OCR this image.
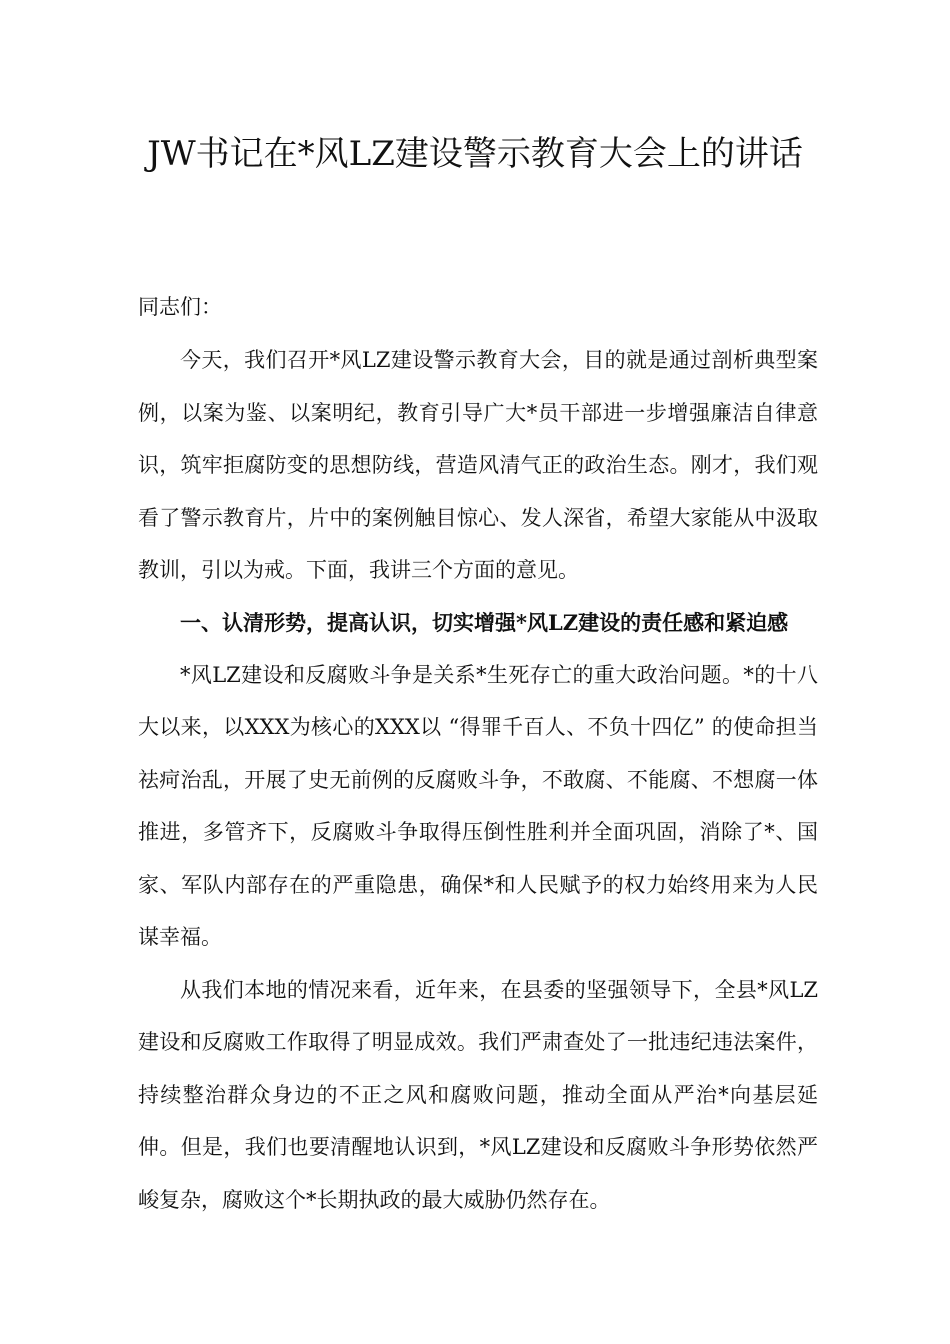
JW书记在*风LZ建设警示教育大会上的讲话

同志们：

今天，我们召开*风LZ建设警示教育大会，目的就是通过剖析典型案例，以案为鉴、以案明纪，教育引导广大*员干部进一步增强廉洁自律意识，筑牢拒腐防变的思想防线，营造风清气正的政治生态。刚才，我们观看了警示教育片，片中的案例触目惊心、发人深省，希望大家能从中汲取教训，引以为戒。下面，我讲三个方面的意见。

一、认清形势，提高认识，切实增强*风LZ建设的责任感和紧迫感

*风LZ建设和反腐败斗争是关系*生死存亡的重大政治问题。*的十八大以来，以XXX为核心的XXX以 “得罪千百人、不负十四亿” 的使命担当祛疴治乱，开展了史无前例的反腐败斗争，不敢腐、不能腐、不想腐一体推进，多管齐下，反腐败斗争取得压倒性胜利并全面巩固，消除了*、国家、军队内部存在的严重隐患，确保*和人民赋予的权力始终用来为人民谋幸福。

从我们本地的情况来看，近年来，在县委的坚强领导下，全县*风LZ建设和反腐败工作取得了明显成效。我们严肃查处了一批违纪违法案件，持续整治群众身边的不正之风和腐败问题，推动全面从严治*向基层延伸。但是，我们也要清醒地认识到，*风LZ建设和反腐败斗争形势依然严峻复杂，腐败这个*长期执政的最大威胁仍然存在。
